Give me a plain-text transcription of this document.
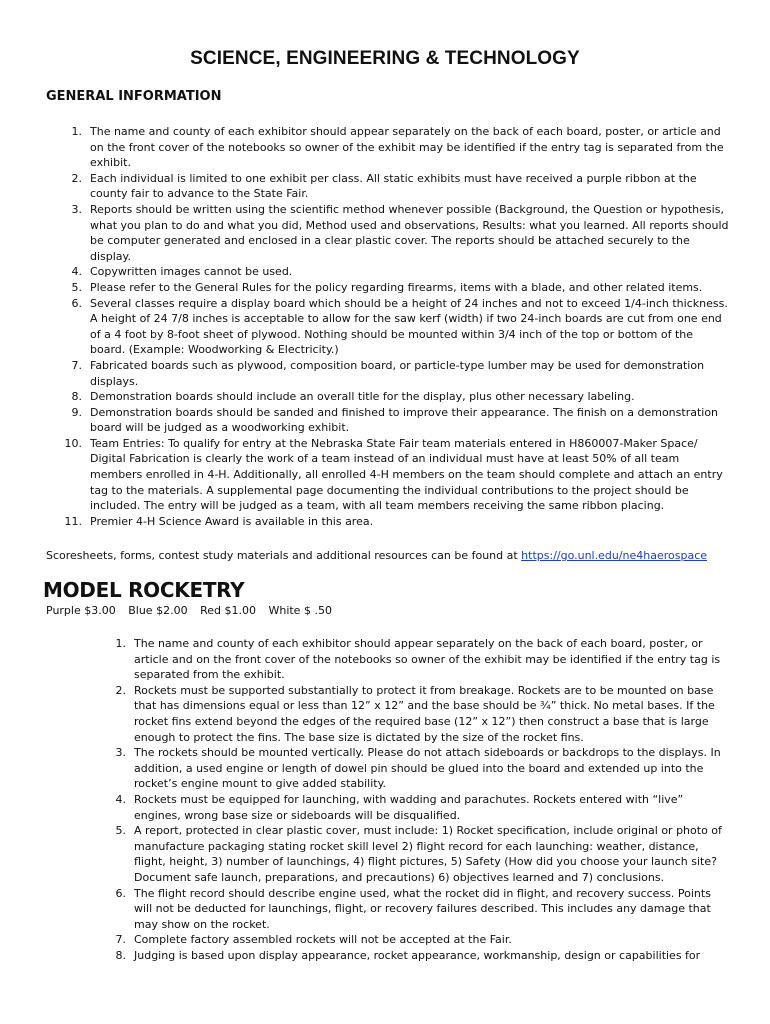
SCIENCE, ENGINEERING & TECHNOLOGY
GENERAL INFORMATION
1. The name and county of each exhibitor should appear separately on the back of each board, poster, or article and on the front cover of the notebooks so owner of the exhibit may be identified if the entry tag is separated from the exhibit.
2. Each individual is limited to one exhibit per class. All static exhibits must have received a purple ribbon at the county fair to advance to the State Fair.
3. Reports should be written using the scientific method whenever possible (Background, the Question or hypothesis, what you plan to do and what you did, Method used and observations, Results: what you learned. All reports should be computer generated and enclosed in a clear plastic cover. The reports should be attached securely to the display.
4. Copywritten images cannot be used.
5. Please refer to the General Rules for the policy regarding firearms, items with a blade, and other related items.
6. Several classes require a display board which should be a height of 24 inches and not to exceed 1/4-inch thickness. A height of 24 7/8 inches is acceptable to allow for the saw kerf (width) if two 24-inch boards are cut from one end of a 4 foot by 8-foot sheet of plywood. Nothing should be mounted within 3/4 inch of the top or bottom of the board. (Example: Woodworking & Electricity.)
7. Fabricated boards such as plywood, composition board, or particle-type lumber may be used for demonstration displays.
8. Demonstration boards should include an overall title for the display, plus other necessary labeling.
9. Demonstration boards should be sanded and finished to improve their appearance. The finish on a demonstration board will be judged as a woodworking exhibit.
10. Team Entries: To qualify for entry at the Nebraska State Fair team materials entered in H860007-Maker Space/ Digital Fabrication is clearly the work of a team instead of an individual must have at least 50% of all team members enrolled in 4-H. Additionally, all enrolled 4-H members on the team should complete and attach an entry tag to the materials. A supplemental page documenting the individual contributions to the project should be included. The entry will be judged as a team, with all team members receiving the same ribbon placing.
11. Premier 4-H Science Award is available in this area.
Scoresheets, forms, contest study materials and additional resources can be found at https://go.unl.edu/ne4haerospace
MODEL ROCKETRY
Purple $3.00 Blue $2.00 Red $1.00 White $ .50
1. The name and county of each exhibitor should appear separately on the back of each board, poster, or article and on the front cover of the notebooks so owner of the exhibit may be identified if the entry tag is separated from the exhibit.
2. Rockets must be supported substantially to protect it from breakage. Rockets are to be mounted on base that has dimensions equal or less than 12” x 12” and the base should be ¾” thick. No metal bases. If the rocket fins extend beyond the edges of the required base (12” x 12”) then construct a base that is large enough to protect the fins. The base size is dictated by the size of the rocket fins.
3. The rockets should be mounted vertically. Please do not attach sideboards or backdrops to the displays. In addition, a used engine or length of dowel pin should be glued into the board and extended up into the rocket’s engine mount to give added stability.
4. Rockets must be equipped for launching, with wadding and parachutes. Rockets entered with “live” engines, wrong base size or sideboards will be disqualified.
5. A report, protected in clear plastic cover, must include: 1) Rocket specification, include original or photo of manufacture packaging stating rocket skill level 2) flight record for each launching: weather, distance, flight, height, 3) number of launchings, 4) flight pictures, 5) Safety (How did you choose your launch site? Document safe launch, preparations, and precautions) 6) objectives learned and 7) conclusions.
6. The flight record should describe engine used, what the rocket did in flight, and recovery success. Points will not be deducted for launchings, flight, or recovery failures described. This includes any damage that may show on the rocket.
7. Complete factory assembled rockets will not be accepted at the Fair.
8. Judging is based upon display appearance, rocket appearance, workmanship, design or capabilities for
